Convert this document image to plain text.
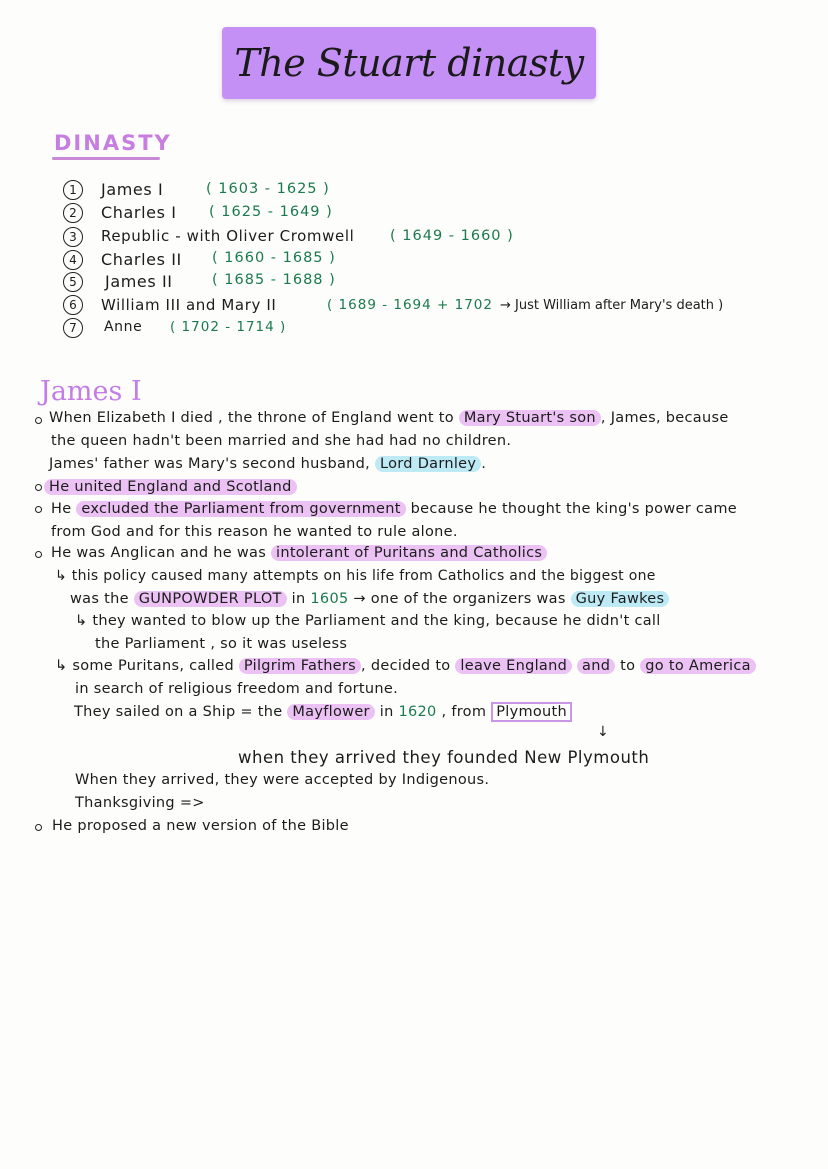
The Stuart dinasty
DINASTY
1	James I	( 1603 - 1625 )
2	Charles I ( 1625 - 1649 )
3	Republic - with Oliver Cromwell ( 1649 - 1660 )
4	Charles II ( 1660 - 1685 )
5	James II	( 1685 - 1688 )
6	William III and Mary II	( 1689 - 1694 + 1702 → Just William after Mary's death )
7	Anne ( 1702 - 1714 )
James I
When Elizabeth I died , the throne of England went to Mary Stuart's son , James, because
the queen hadn't been married and she had had no children.
James' father was Mary's second husband, Lord Darnley .
He united England and Scotland
He excluded the Parliament from government because he thought the king's power came
from God and for this reason he wanted to rule alone.
He was Anglican and he was intolerant of Puritans and Catholics
↳ this policy caused many attempts on his life from Catholics and the biggest one
was the GUNPOWDER PLOT in 1605 → one of the organizers was Guy Fawkes
↳ they wanted to blow up the Parliament and the king, because he didn't call
the Parliament , so it was useless
↳ some Puritans, called Pilgrim Fathers , decided to leave England and to go to America
in search of religious freedom and fortune.
They sailed on a Ship = the Mayflower in 1620 , from Plymouth
↓
when they arrived they founded New Plymouth
When they arrived, they were accepted by Indigenous.
Thanksgiving =>
He proposed a new version of the Bible
